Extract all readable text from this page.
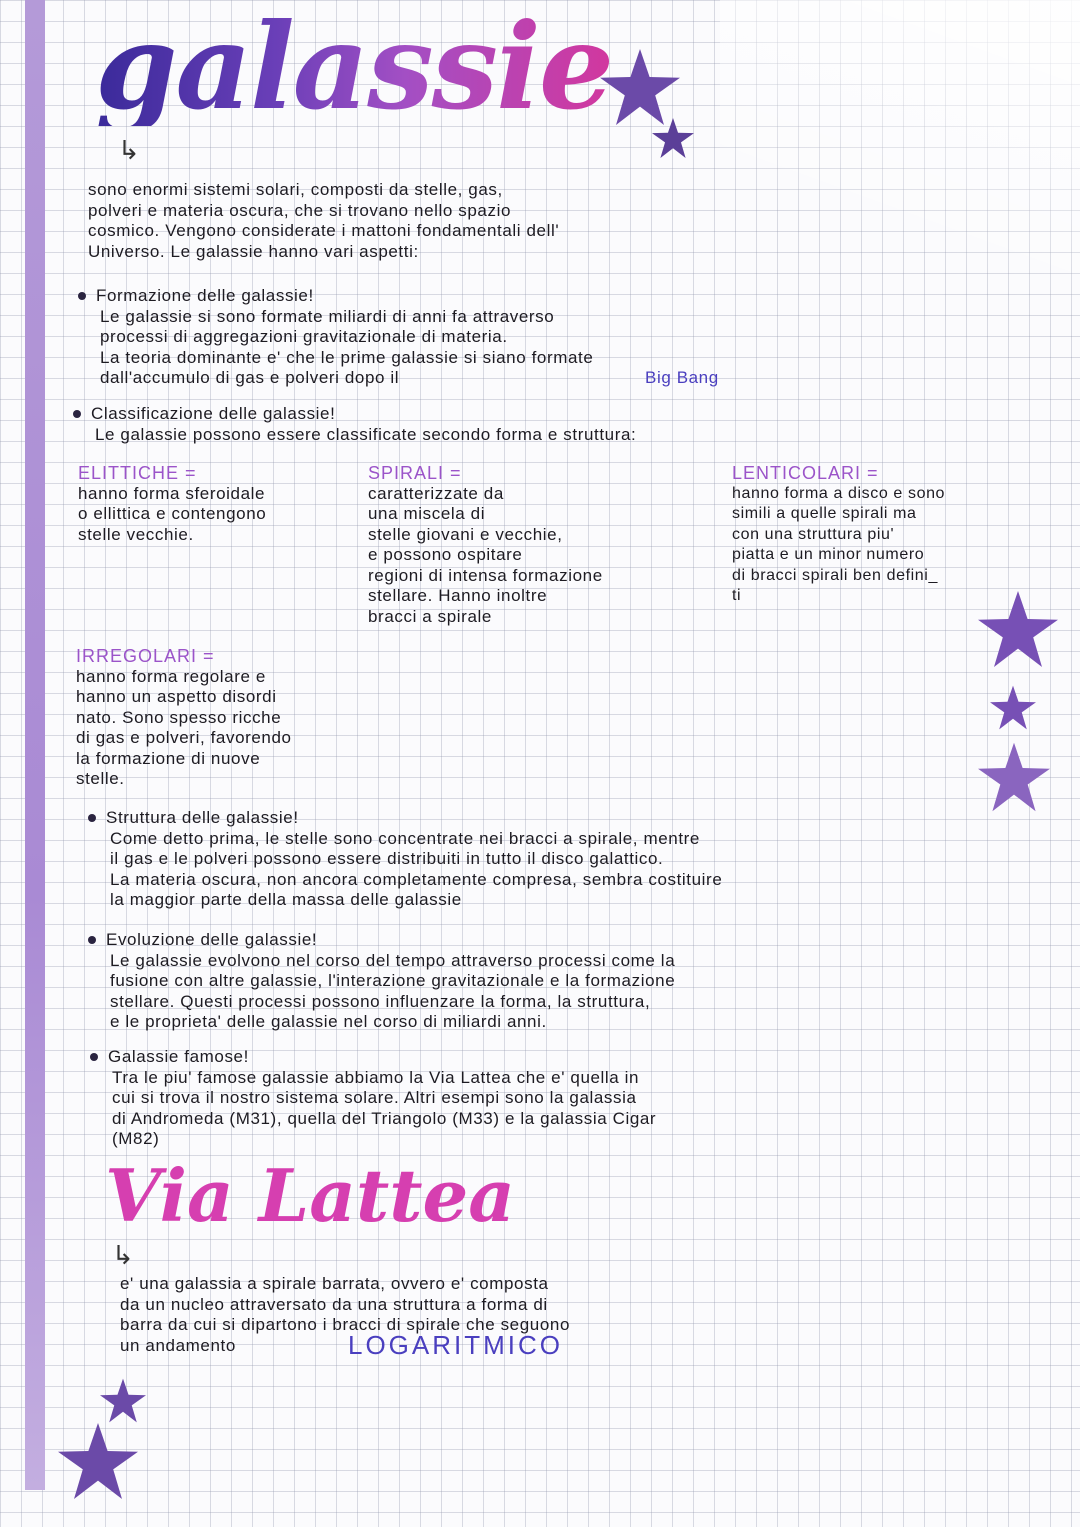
galassie
↳
sono enormi sistemi solari, composti da stelle, gas,
polveri e materia oscura, che si trovano nello spazio
cosmico. Vengono considerate i mattoni fondamentali dell'
Universo. Le galassie hanno vari aspetti:
Formazione delle galassie!
Le galassie si sono formate miliardi di anni fa attraverso
processi di aggregazioni gravitazionale di materia.
La teoria dominante e' che le prime galassie si siano formate
dall'accumulo di gas e polveri dopo il	Big Bang
Classificazione delle galassie!
Le galassie possono essere classificate secondo forma e struttura:
ELITTICHE =
hanno forma sferoidale
o ellittica e contengono
stelle vecchie.
SPIRALI =
caratterizzate da
una miscela di
stelle giovani e vecchie,
e possono ospitare
regioni di intensa formazione
stellare. Hanno inoltre
bracci a spirale
LENTICOLARI =
hanno forma a disco e sono
simili a quelle spirali ma
con una struttura piu'
piatta e un minor numero
di bracci spirali ben defini_
ti
IRREGOLARI =
hanno forma regolare e
hanno un aspetto disordi
nato. Sono spesso ricche
di gas e polveri, favorendo
la formazione di nuove
stelle.
Struttura delle galassie!
Come detto prima, le stelle sono concentrate nei bracci a spirale, mentre
il gas e le polveri possono essere distribuiti in tutto il disco galattico.
La materia oscura, non ancora completamente compresa, sembra costituire
la maggior parte della massa delle galassie
Evoluzione delle galassie!
Le galassie evolvono nel corso del tempo attraverso processi come la
fusione con altre galassie, l'interazione gravitazionale e la formazione
stellare. Questi processi possono influenzare la forma, la struttura,
e le proprieta' delle galassie nel corso di miliardi anni.
Galassie famose!
Tra le piu' famose galassie abbiamo la Via Lattea che e' quella in
cui si trova il nostro sistema solare. Altri esempi sono la galassia
di Andromeda (M31), quella del Triangolo (M33) e la galassia Cigar
(M82)
Via Lattea
↳
e' una galassia a spirale barrata, ovvero e' composta
da un nucleo attraversato da una struttura a forma di
barra da cui si dipartono i bracci di spirale che seguono
un andamento	LOGARITMICO
